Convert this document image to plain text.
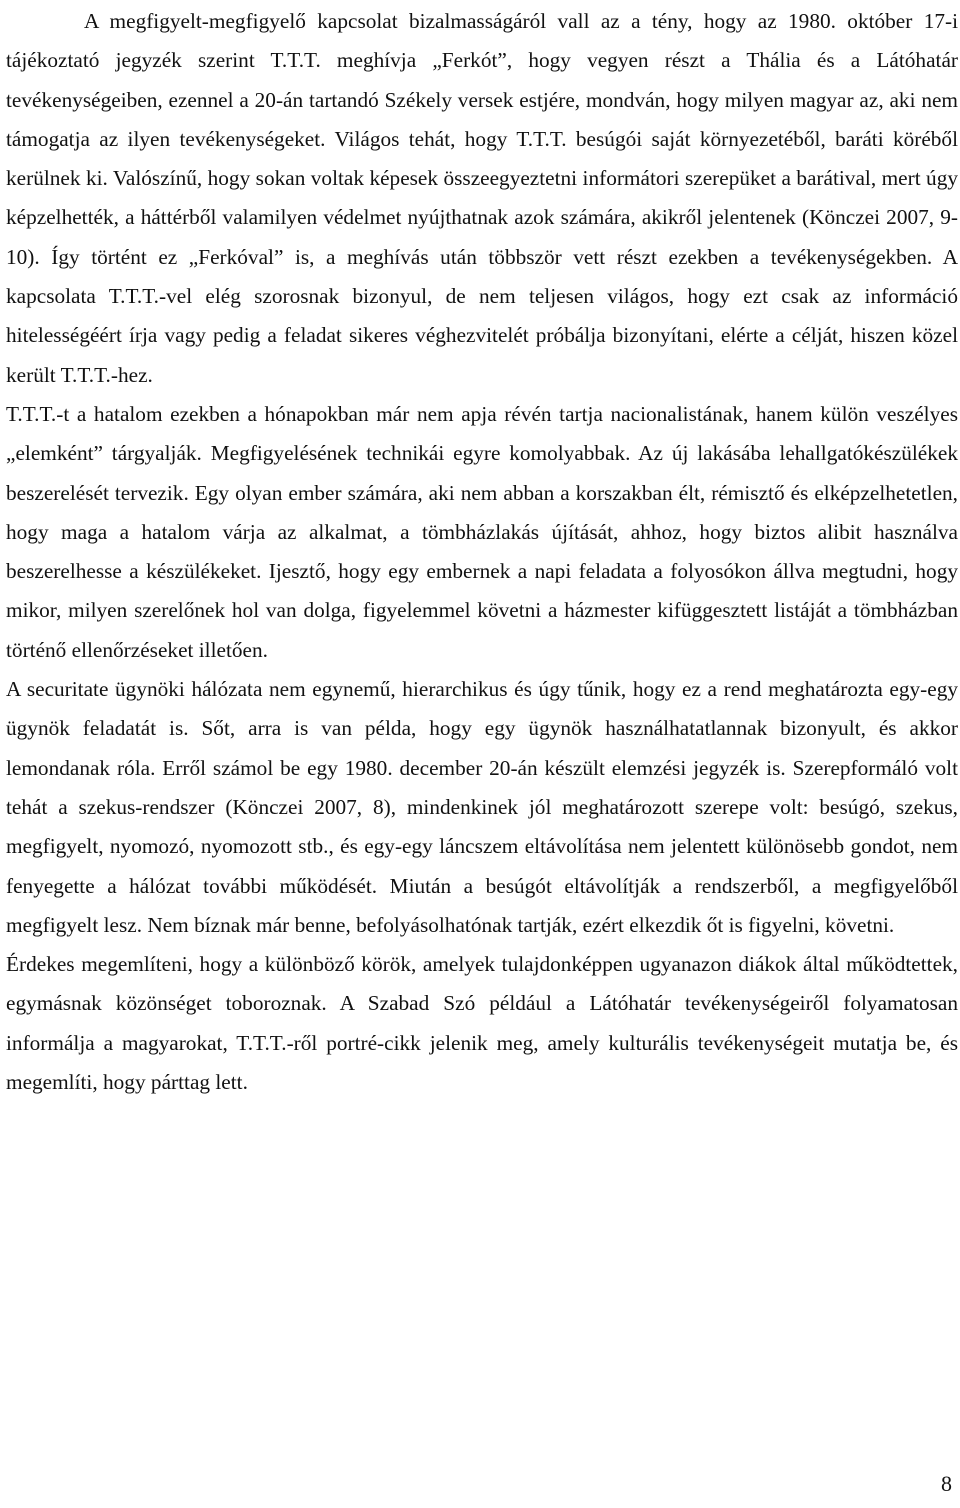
A megfigyelt-megfigyelő kapcsolat bizalmasságáról vall az a tény, hogy az 1980. október 17-i tájékoztató jegyzék szerint T.T.T. meghívja „Ferkót”, hogy vegyen részt a Thália és a Látóhatár tevékenységeiben, ezennel a 20-án tartandó Székely versek estjére, mondván, hogy milyen magyar az, aki nem támogatja az ilyen tevékenységeket. Világos tehát, hogy T.T.T. besúgói saját környezetéből, baráti köréből kerülnek ki. Valószínű, hogy sokan voltak képesek összeegyeztetni informátori szerepüket a barátival, mert úgy képzelhették, a háttérből valamilyen védelmet nyújthatnak azok számára, akikről jelentenek (Könczei 2007, 9-10). Így történt ez „Ferkóval” is, a meghívás után többször vett részt ezekben a tevékenységekben. A kapcsolata T.T.T.-vel elég szorosnak bizonyul, de nem teljesen világos, hogy ezt csak az információ hitelességéért írja vagy pedig a feladat sikeres véghezvitelét próbálja bizonyítani, elérte a célját, hiszen közel került T.T.T.-hez.

T.T.T.-t a hatalom ezekben a hónapokban már nem apja révén tartja nacionalistának, hanem külön veszélyes „elemként” tárgyalják. Megfigyelésének technikái egyre komolyabbak. Az új lakásába lehallgatókészülékek beszerelését tervezik. Egy olyan ember számára, aki nem abban a korszakban élt, rémisztő és elképzelhetetlen, hogy maga a hatalom várja az alkalmat, a tömbházlakás újítását, ahhoz, hogy biztos alibit használva beszerelhesse a készülékeket. Ijesztő, hogy egy embernek a napi feladata a folyosókon állva megtudni, hogy mikor, milyen szerelőnek hol van dolga, figyelemmel követni a házmester kifüggesztett listáját a tömbházban történő ellenőrzéseket illetően.

A securitate ügynöki hálózata nem egynemű, hierarchikus és úgy tűnik, hogy ez a rend meghatározta egy-egy ügynök feladatát is. Sőt, arra is van példa, hogy egy ügynök használhatatlannak bizonyult, és akkor lemondanak róla. Erről számol be egy 1980. december 20-án készült elemzési jegyzék is. Szerepformáló volt tehát a szekus-rendszer (Könczei 2007, 8), mindenkinek jól meghatározott szerepe volt: besúgó, szekus, megfigyelt, nyomozó, nyomozott stb., és egy-egy láncszem eltávolítása nem jelentett különösebb gondot, nem fenyegette a hálózat további működését. Miután a besúgót eltávolítják a rendszerből, a megfigyelőből megfigyelt lesz. Nem bíznak már benne, befolyásolhatónak tartják, ezért elkezdik őt is figyelni, követni.

Érdekes megemlíteni, hogy a különböző körök, amelyek tulajdonképpen ugyanazon diákok által működtettek, egymásnak közönséget toboroznak. A Szabad Szó például a Látóhatár tevékenységeiről folyamatosan informálja a magyarokat, T.T.T.-ről portré-cikk jelenik meg, amely kulturális tevékenységeit mutatja be, és megemlíti, hogy párttag lett.

8
